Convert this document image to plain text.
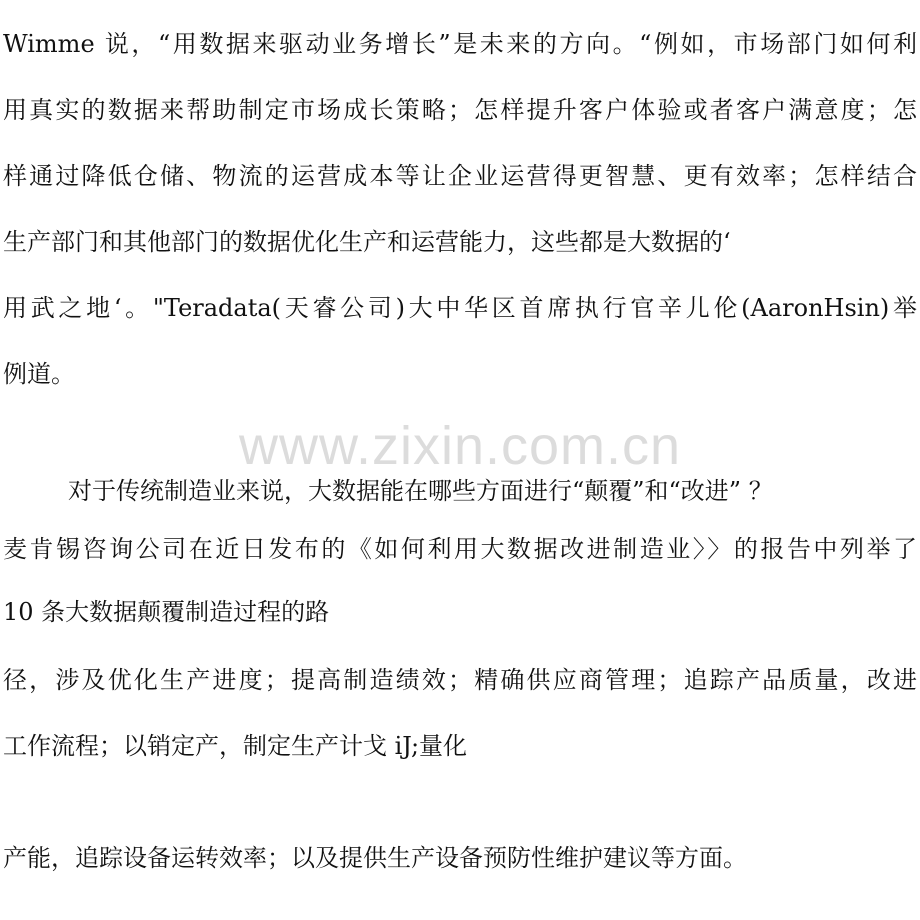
www.zixin.com.cn
Wimme 说，“用数据来驱动业务增长”是未来的方向。“例如，市场部门如何利
用真实的数据来帮助制定市场成长策略；怎样提升客户体验或者客户满意度；怎
样通过降低仓储、物流的运营成本等让企业运营得更智慧、更有效率；怎样结合
生产部门和其他部门的数据优化生产和运营能力，这些都是大数据的‘
用武之地‘。"Teradata(天睿公司)大中华区首席执行官辛儿伦(AaronHsin)举
例道。
对于传统制造业来说，大数据能在哪些方面进行“颠覆”和“改进” ？
麦肯锡咨询公司在近日发布的《如何利用大数据改进制造业〉〉的报告中列举了
10 条大数据颠覆制造过程的路
径，涉及优化生产进度；提高制造绩效；精确供应商管理；追踪产品质量，改进
工作流程；以销定产，制定生产计戈 iJ;量化
产能，追踪设备运转效率；以及提供生产设备预防性维护建议等方面。
